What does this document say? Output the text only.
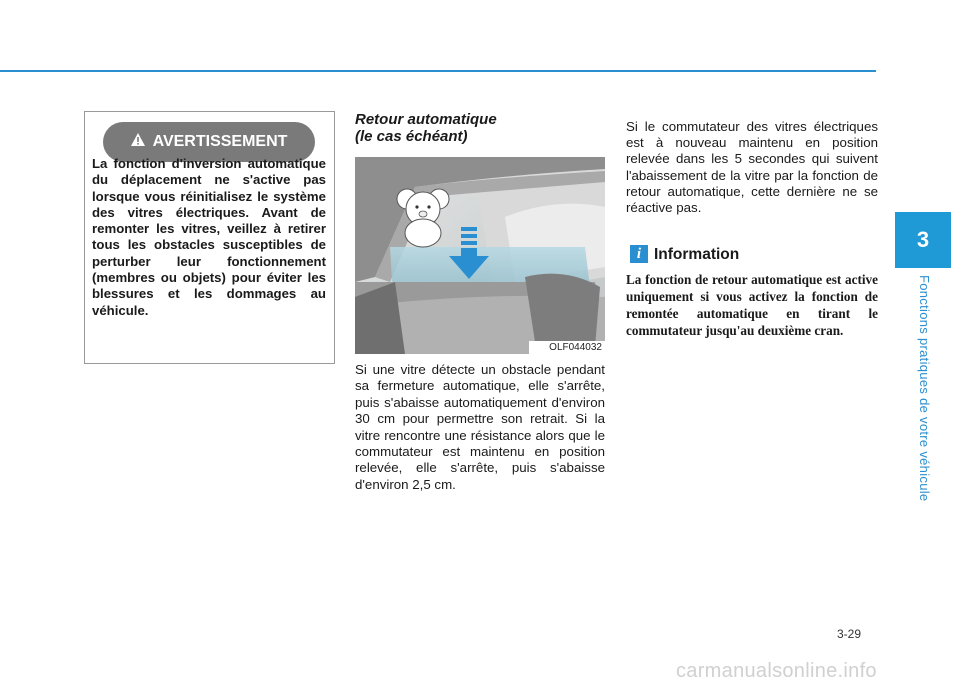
3
Fonctions pratiques de votre véhicule
AVERTISSEMENT
La fonction d'inversion automatique du déplacement ne s'active pas lorsque vous réinitialisez le système des vitres électriques. Avant de remonter les vitres, veillez à retirer tous les obstacles susceptibles de perturber leur fonctionnement (membres ou objets) pour éviter les blessures et les dommages au véhicule.
Retour automatique
(le cas échéant)
OLF044032
Si une vitre détecte un obstacle pendant sa fermeture automatique, elle s'arrête, puis s'abaisse automatiquement d'environ 30 cm pour permettre son retrait. Si la vitre rencontre une résistance alors que le commutateur est maintenu en position relevée, elle s'arrête, puis s'abaisse d'environ 2,5 cm.
Si le commutateur des vitres électriques est à nouveau maintenu en position relevée dans les 5 secondes qui suivent l'abaissement de la vitre par la fonction de retour automatique, cette dernière ne se réactive pas.
i Information
La fonction de retour automatique est active uniquement si vous activez la fonction de remontée automatique en tirant le commutateur jusqu'au deuxième cran.
3-29
carmanualsonline.info
